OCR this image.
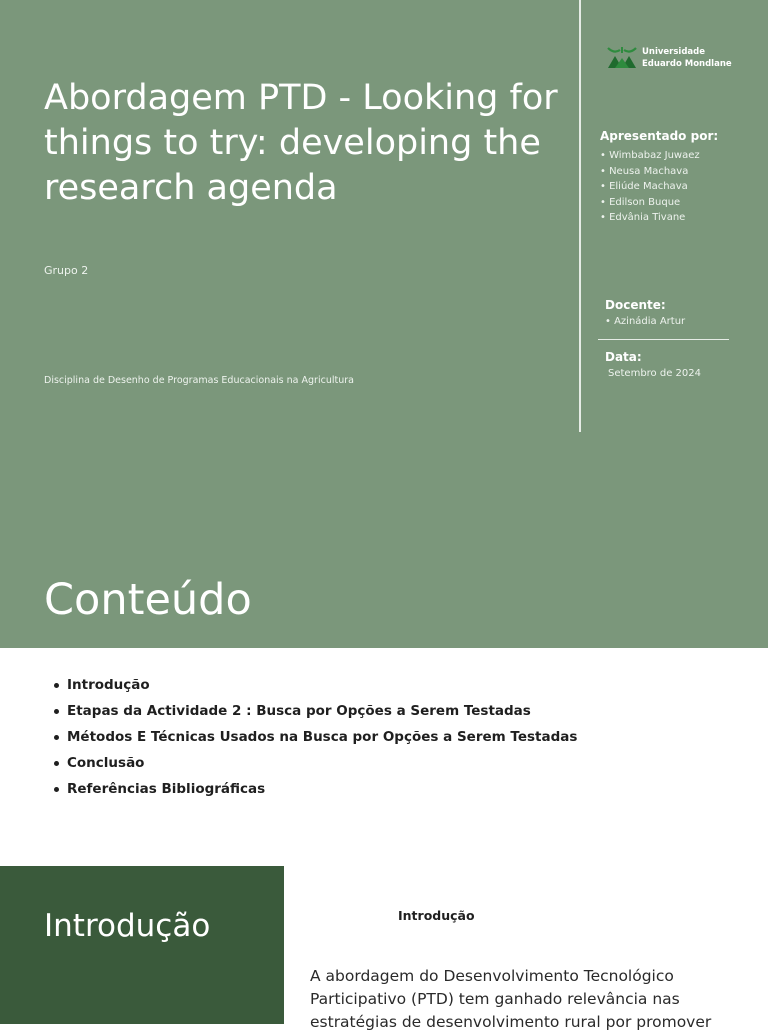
Abordagem PTD - Looking for things to try: developing the research agenda
Grupo 2
Disciplina de Desenho de Programas Educacionais na Agricultura
Universidade
Eduardo Mondlane
Apresentado por:
• Wimbabaz Juwaez
• Neusa Machava
• Eliúde Machava
• Edilson Buque
• Edvânia Tivane
Docente:
• Azinádia Artur
Data:
Setembro de 2024
Conteúdo
Introdução
Etapas da Actividade 2 : Busca por Opções a Serem Testadas
Métodos E Técnicas Usados na Busca por Opções a Serem Testadas
Conclusão
Referências Bibliográficas
Introdução	Introdução

A abordagem do Desenvolvimento Tecnológico Participativo (PTD) tem ganhado relevância nas estratégias de desenvolvimento rural por promover
